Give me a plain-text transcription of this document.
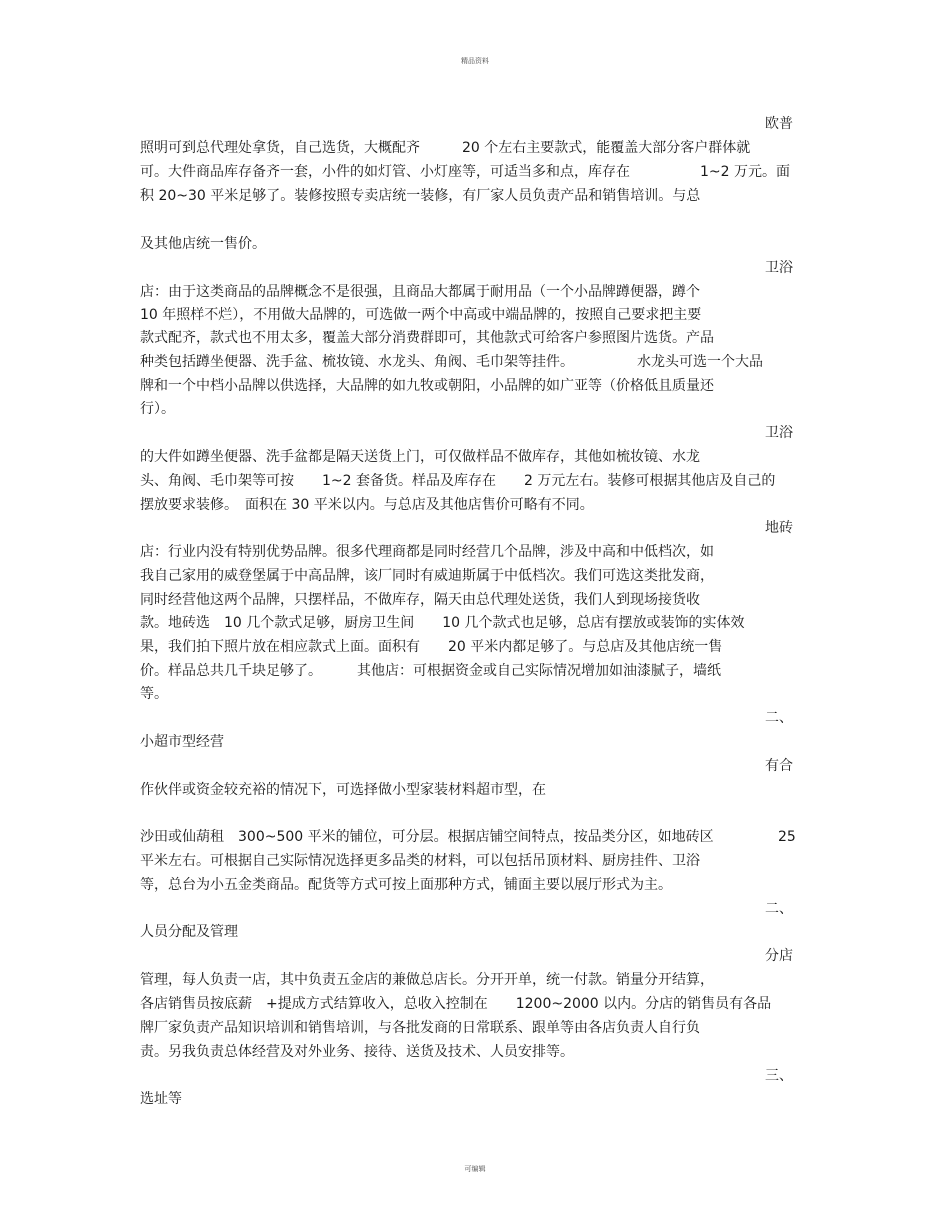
精品资料
欧普
照明可到总代理处拿货，自己选货，大概配齐　　　20 个左右主要款式，能覆盖大部分客户群体就
可。大件商品库存备齐一套，小件的如灯管、小灯座等，可适当多和点，库存在　　　　　1~2 万元。面
积 20~30 平米足够了。装修按照专卖店统一装修，有厂家人员负责产品和销售培训。与总
及其他店统一售价。
卫浴
店：由于这类商品的品牌概念不是很强，且商品大都属于耐用品（一个小品牌蹲便器，蹲个
10 年照样不烂），不用做大品牌的，可选做一两个中高或中端品牌的，按照自己要求把主要
款式配齐，款式也不用太多，覆盖大部分消费群即可，其他款式可给客户参照图片选货。产品
种类包括蹲坐便器、洗手盆、梳妆镜、水龙头、角阀、毛巾架等挂件。　　　　　水龙头可选一个大品
牌和一个中档小品牌以供选择，大品牌的如九牧或朝阳，小品牌的如广亚等（价格低且质量还
行）。
卫浴
的大件如蹲坐便器、洗手盆都是隔天送货上门，可仅做样品不做库存，其他如梳妆镜、水龙
头、角阀、毛巾架等可按　　1~2 套备货。样品及库存在　　2 万元左右。装修可根据其他店及自己的
摆放要求装修。　面积在 30 平米以内。与总店及其他店售价可略有不同。
地砖
店：行业内没有特别优势品牌。很多代理商都是同时经营几个品牌，涉及中高和中低档次，如
我自己家用的威登堡属于中高品牌，该厂同时有威迪斯属于中低档次。我们可选这类批发商，
同时经营他这两个品牌，只摆样品，不做库存，隔天由总代理处送货，我们人到现场接货收
款。地砖选　10 几个款式足够，厨房卫生间　　10 几个款式也足够，总店有摆放或装饰的实体效
果，我们拍下照片放在相应款式上面。面积有　　20 平米内都足够了。与总店及其他店统一售
价。样品总共几千块足够了。　　　其他店：可根据资金或自己实际情况增加如油漆腻子，墙纸
等。
二、
小超市型经营
有合
作伙伴或资金较充裕的情况下，可选择做小型家装材料超市型，在
沙田或仙葫租　300~500 平米的铺位，可分层。根据店铺空间特点，按品类分区，如地砖区	25
平米左右。可根据自己实际情况选择更多品类的材料，可以包括吊顶材料、厨房挂件、卫浴
等，总台为小五金类商品。配货等方式可按上面那种方式，铺面主要以展厅形式为主。
二、
人员分配及管理
分店
管理，每人负责一店，其中负责五金店的兼做总店长。分开开单，统一付款。销量分开结算，
各店销售员按底薪　+提成方式结算收入，总收入控制在　　1200~2000 以内。分店的销售员有各品
牌厂家负责产品知识培训和销售培训，与各批发商的日常联系、跟单等由各店负责人自行负
责。另我负责总体经营及对外业务、接待、送货及技术、人员安排等。
三、
选址等
可编辑
